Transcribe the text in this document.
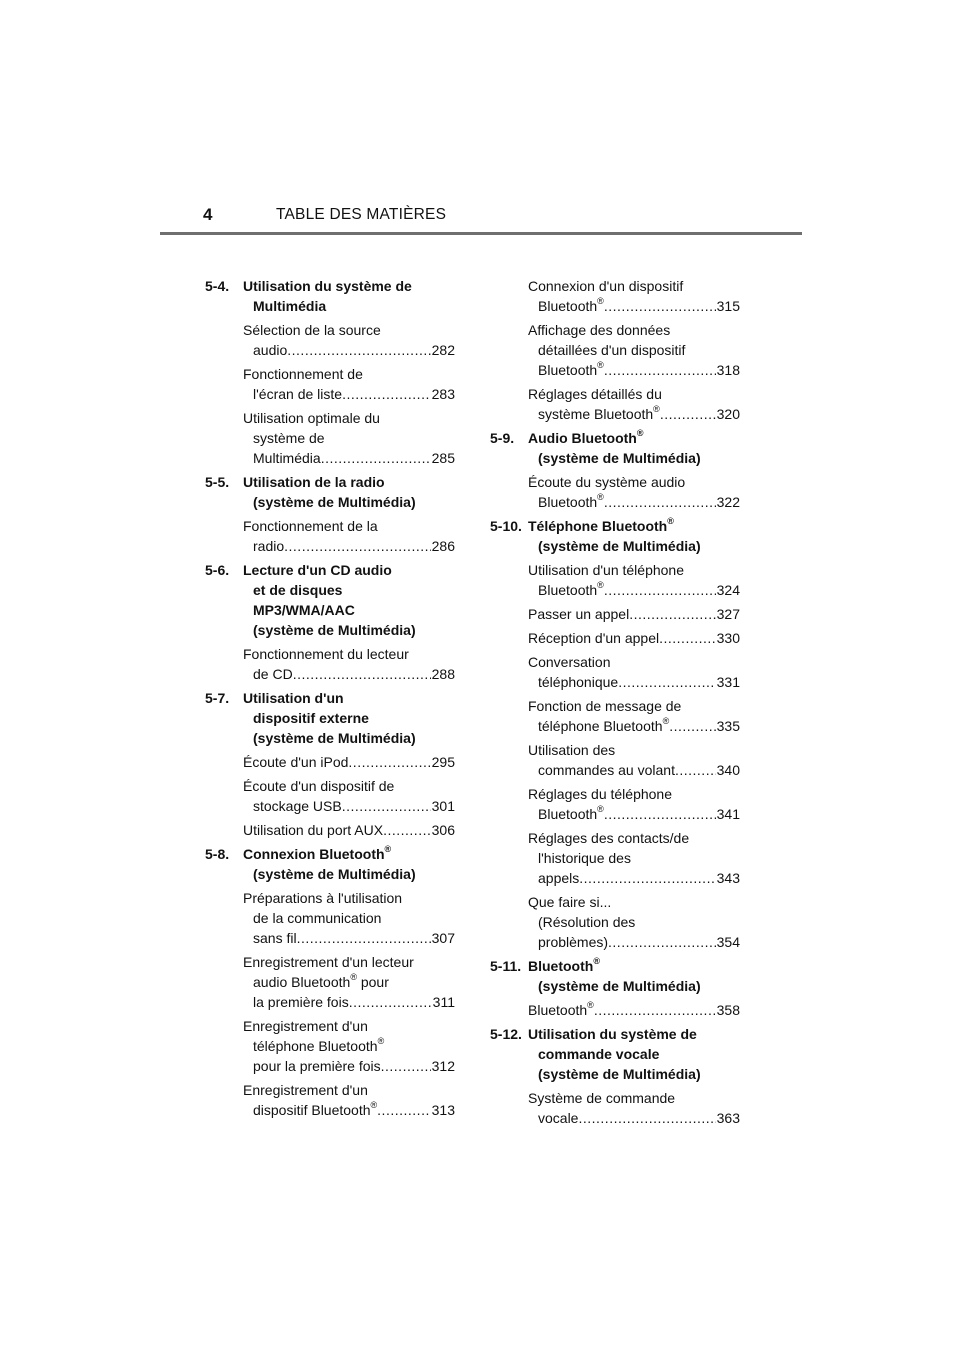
4	TABLE DES MATIÈRES
5-4. Utilisation du système de
Multimédia
Sélection de la source
audio .....	282
Fonctionnement de
l'écran de liste .....	283
Utilisation optimale du
système de
Multimédia .....	285
5-5. Utilisation de la radio
(système de Multimédia)
Fonctionnement de la
radio .....	286
5-6. Lecture d'un CD audio
et de disques
MP3/WMA/AAC
(système de Multimédia)
Fonctionnement du lecteur
de CD .....	288
5-7. Utilisation d'un
dispositif externe
(système de Multimédia)
Écoute d'un iPod .....	295
Écoute d'un dispositif de
stockage USB .....	301
Utilisation du port AUX .....	306
5-8. Connexion Bluetooth®
(système de Multimédia)
Préparations à l'utilisation
de la communication
sans fil .....	307
Enregistrement d'un lecteur
audio Bluetooth® pour
la première fois .....	311
Enregistrement d'un
téléphone Bluetooth®
pour la première fois .....	312
Enregistrement d'un
dispositif Bluetooth® .....	313
Connexion d'un dispositif
Bluetooth® .....	315
Affichage des données
détaillées d'un dispositif
Bluetooth® .....	318
Réglages détaillés du
système Bluetooth® .....	320
5-9. Audio Bluetooth®
(système de Multimédia)
Écoute du système audio
Bluetooth® .....	322
5-10. Téléphone Bluetooth®
(système de Multimédia)
Utilisation d'un téléphone
Bluetooth® .....	324
Passer un appel .....	327
Réception d'un appel .....	330
Conversation
téléphonique .....	331
Fonction de message de
téléphone Bluetooth® .....	335
Utilisation des
commandes au volant .....	340
Réglages du téléphone
Bluetooth® .....	341
Réglages des contacts/de
l'historique des
appels .....	343
Que faire si...
(Résolution des
problèmes) .....	354
5-11. Bluetooth®
(système de Multimédia)
Bluetooth® .....	358
5-12. Utilisation du système de
commande vocale
(système de Multimédia)
Système de commande
vocale .....	363
